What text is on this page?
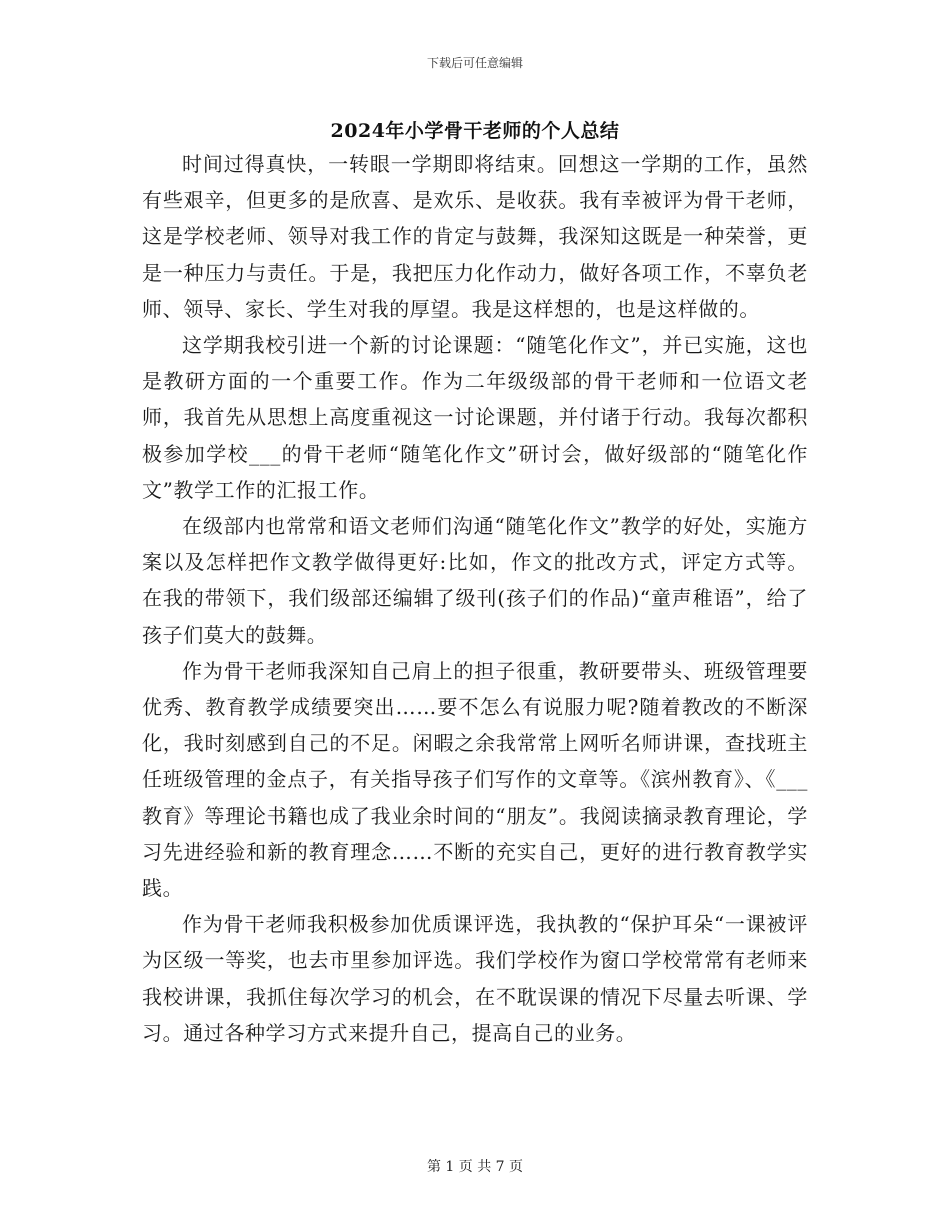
下载后可任意编辑
2024年小学骨干老师的个人总结

时间过得真快，一转眼一学期即将结束。回想这一学期的工作，虽然有些艰辛，但更多的是欣喜、是欢乐、是收获。我有幸被评为骨干老师，这是学校老师、领导对我工作的肯定与鼓舞，我深知这既是一种荣誉，更是一种压力与责任。于是，我把压力化作动力，做好各项工作，不辜负老师、领导、家长、学生对我的厚望。我是这样想的，也是这样做的。

这学期我校引进一个新的讨论课题：“随笔化作文”，并已实施，这也是教研方面的一个重要工作。作为二年级级部的骨干老师和一位语文老师，我首先从思想上高度重视这一讨论课题，并付诸于行动。我每次都积极参加学校___的骨干老师“随笔化作文”研讨会，做好级部的“随笔化作文”教学工作的汇报工作。

在级部内也常常和语文老师们沟通“随笔化作文”教学的好处，实施方案以及怎样把作文教学做得更好:比如，作文的批改方式，评定方式等。在我的带领下，我们级部还编辑了级刊(孩子们的作品)“童声稚语”，给了孩子们莫大的鼓舞。

作为骨干老师我深知自己肩上的担子很重，教研要带头、班级管理要优秀、教育教学成绩要突出……要不怎么有说服力呢?随着教改的不断深化，我时刻感到自己的不足。闲暇之余我常常上网听名师讲课，查找班主任班级管理的金点子，有关指导孩子们写作的文章等。《滨州教育》、《___教育》等理论书籍也成了我业余时间的“朋友”。我阅读摘录教育理论，学习先进经验和新的教育理念……不断的充实自己，更好的进行教育教学实践。

作为骨干老师我积极参加优质课评选，我执教的“保护耳朵“一课被评为区级一等奖，也去市里参加评选。我们学校作为窗口学校常常有老师来我校讲课，我抓住每次学习的机会，在不耽误课的情况下尽量去听课、学习。通过各种学习方式来提升自己，提高自己的业务。

第 1 页 共 7 页
